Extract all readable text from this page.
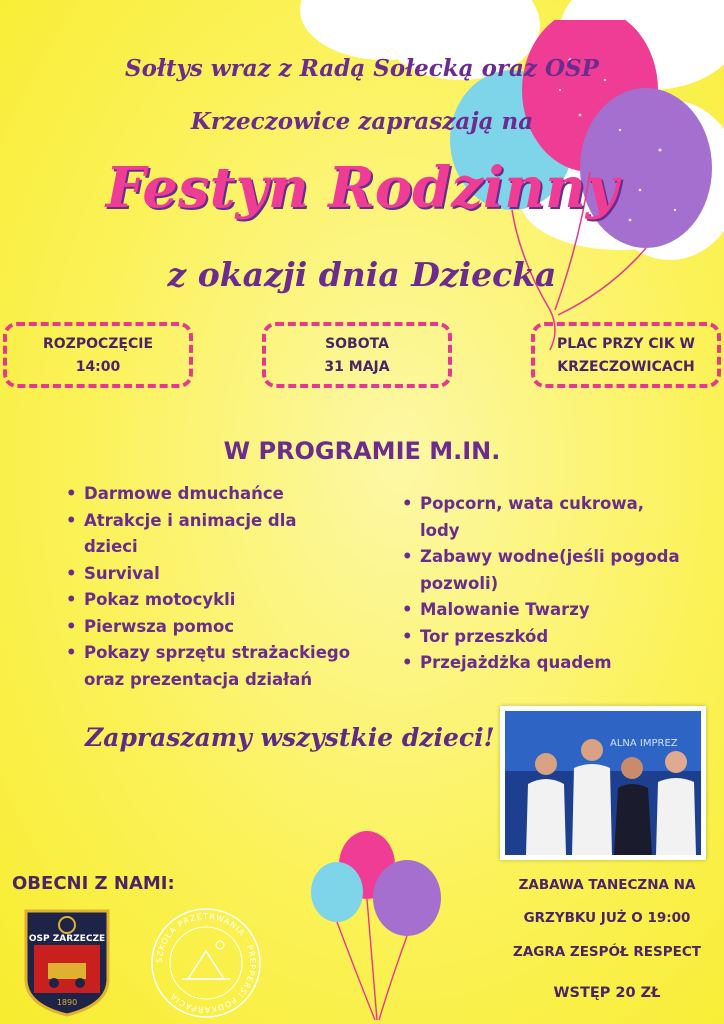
Sołtys wraz z Radą Sołecką oraz OSP
Krzeczowice zapraszają na
Festyn Rodzinny
z okazji dnia Dziecka
ROZPOCZĘCIE
14:00
SOBOTA
31 MAJA
PLAC PRZY CIK W
KRZECZOWICACH
W PROGRAMIE M.IN.
• Darmowe dmuchańce
• Atrakcje i animacje dla
dzieci
• Survival
• Pokaz motocykli
• Pierwsza pomoc
• Pokazy sprzętu strażackiego
oraz prezentacja działań
• Popcorn, wata cukrowa,
lody
• Zabawy wodne(jeśli pogoda
pozwoli)
• Malowanie Twarzy
• Tor przeszkód
• Przejażdżka quadem
Zapraszamy wszystkie dzieci!	ALNA IMPREZ
OBECNI Z NAMI:
OSP ZARZECZE
1890
SZKOŁA PRZETRWANIA · PREPPERSI PODKARPACIA
ZABAWA TANECZNA NA
GRZYBKU JUŻ O 19:00
ZAGRA ZESPÓŁ RESPECT
WSTĘP 20 ZŁ
